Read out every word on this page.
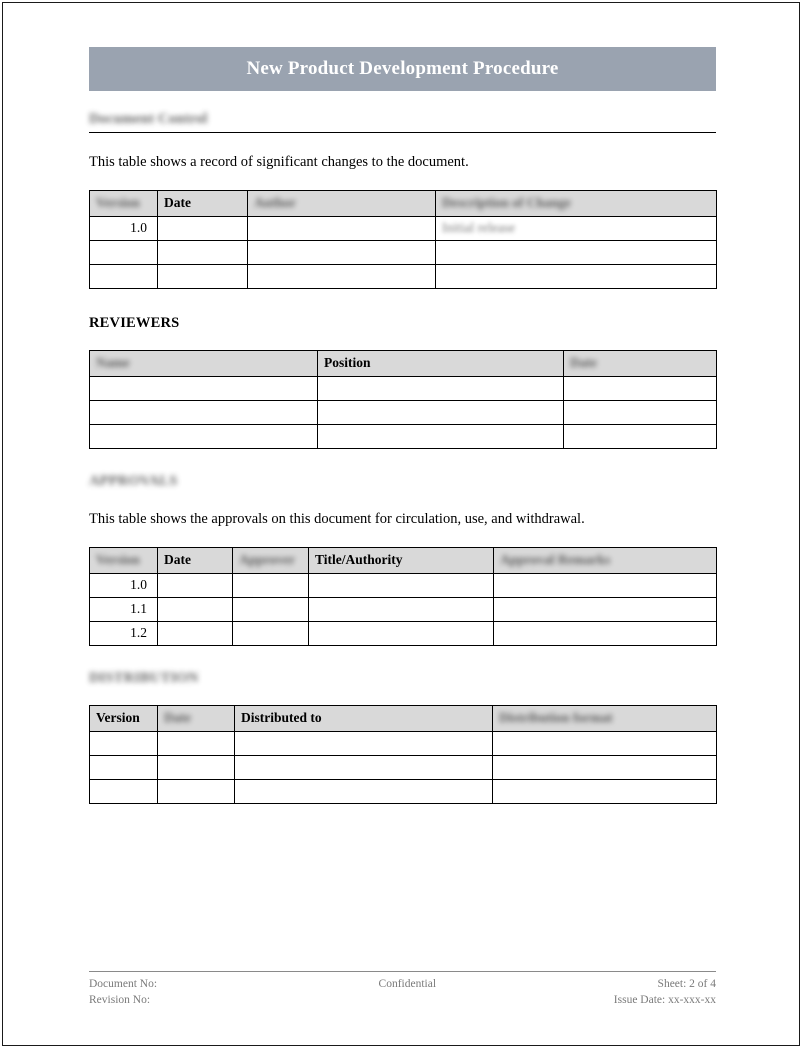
New Product Development Procedure
Document Control

This table shows a record of significant changes to the document.

Version	Date	Author	Description of Change
1.0			Initial release

REVIEWERS
Name	Position	Date

APPROVALS

This table shows the approvals on this document for circulation, use, and withdrawal.

Version	Date	Approver	Title/Authority	Approval Remarks
1.0				
1.1				
1.2				
DISTRIBUTION
Version	Date	Distributed to	Distribution format

Document No:	Confidential	Sheet: 2 of 4
Revision No:	Issue Date: xx-xxx-xx
